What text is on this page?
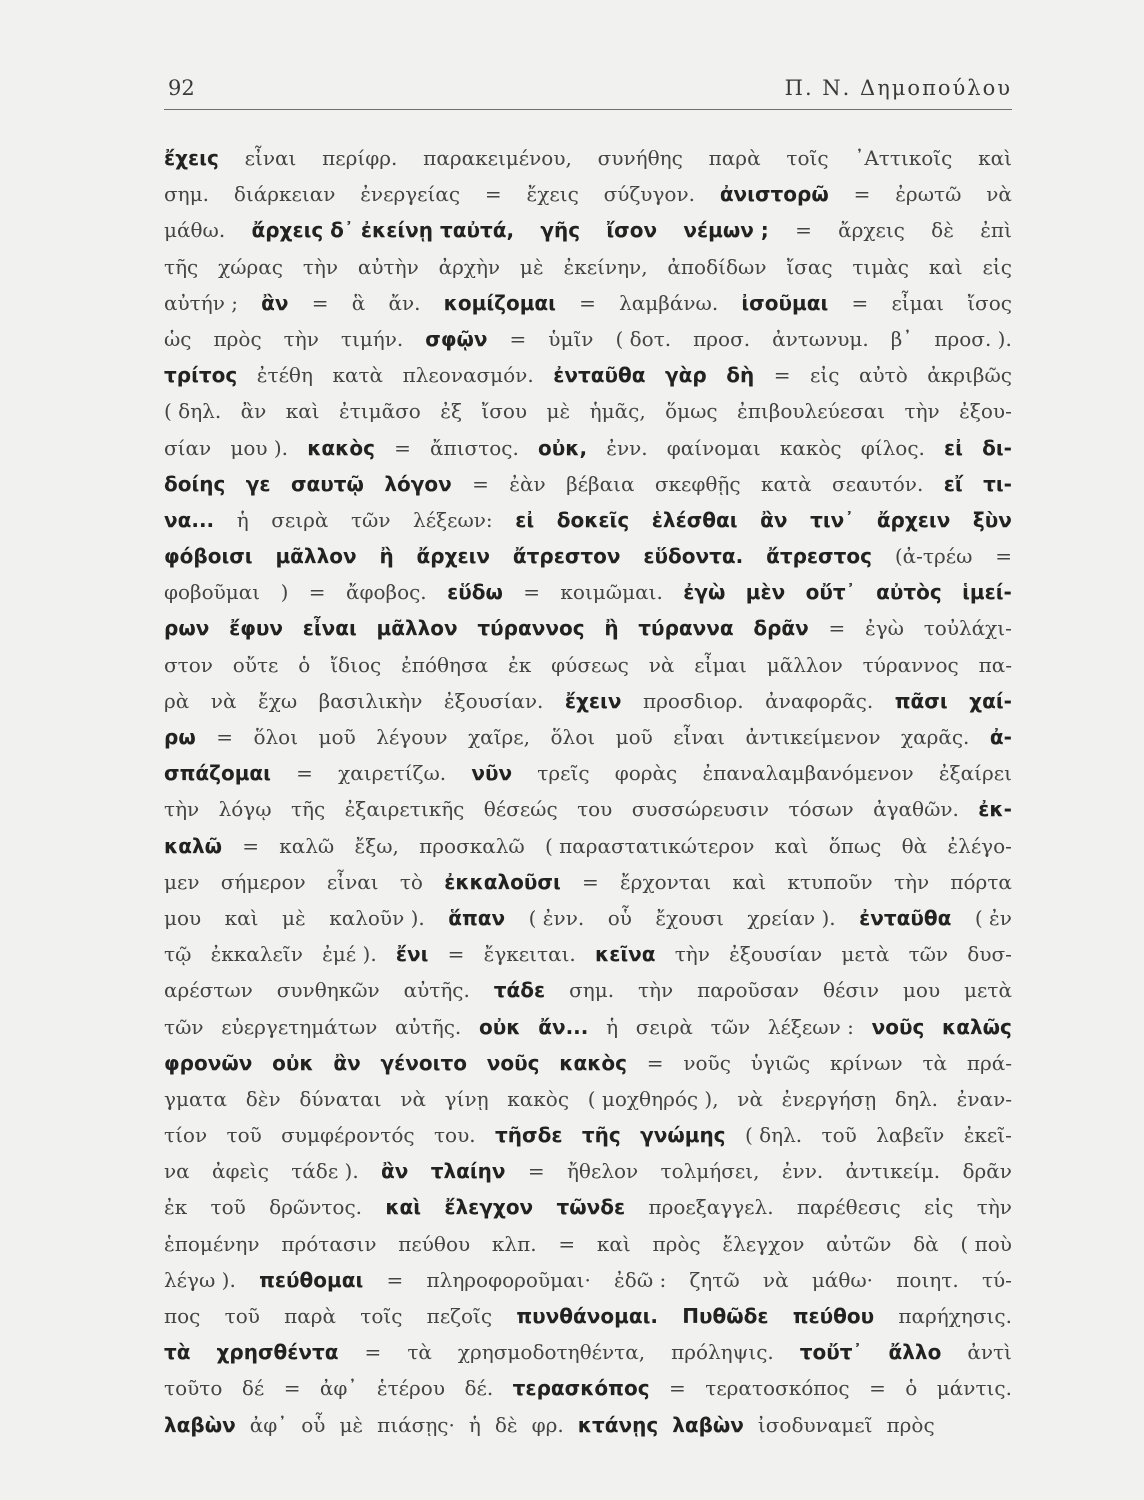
92	Π. Ν. Δημοπούλου
ἔχεις εἶναι περίφρ. παρακειμένου, συνήθης παρὰ τοῖς ᾿Αττικοῖς καὶ
σημ. διάρκειαν ἐνεργείας = ἔχεις σύζυγον. ἀνιστορῶ = ἐρωτῶ νὰ
μάθω. ἄρχεις δ᾿ ἐκείνῃ ταὐτά, γῆς ἴσον νέμων ; = ἄρχεις δὲ ἐπὶ
τῆς χώρας τὴν αὐτὴν ἀρχὴν μὲ ἐκείνην, ἀποδίδων ἴσας τιμὰς καὶ εἰς
αὐτήν ; ἂν = ἃ ἄν. κομίζομαι = λαμβάνω. ἰσοῦμαι = εἶμαι ἴσος
ὡς πρὸς τὴν τιμήν. σφῷν = ὑμῖν ( δοτ. προσ. ἀντωνυμ. β᾿ προσ. ).
τρίτος ἐτέθη κατὰ πλεονασμόν. ἐνταῦθα γὰρ δὴ = εἰς αὐτὸ ἀκριβῶς
( δηλ. ἂν καὶ ἐτιμᾶσο ἐξ ἴσου μὲ ἡμᾶς, ὅμως ἐπιβουλεύεσαι τὴν ἐξου-
σίαν μου ). κακὸς = ἄπιστος. οὐκ, ἐνν. φαίνομαι κακὸς φίλος. εἰ δι-
δοίης γε σαυτῷ λόγον = ἐὰν βέβαια σκεφθῇς κατὰ σεαυτόν. εἴ τι-
να... ἡ σειρὰ τῶν λέξεων: εἰ δοκεῖς ἑλέσθαι ἂν τιν᾿ ἄρχειν ξὺν
φόβοισι μᾶλλον ἢ ἄρχειν ἄτρεστον εὕδοντα. ἄτρεστος (ἀ-τρέω =
φοβοῦμαι ) = ἄφοβος. εὕδω = κοιμῶμαι. ἐγὼ μὲν οὔτ᾿ αὐτὸς ἱμεί-
ρων ἔφυν εἶναι μᾶλλον τύραννος ἢ τύραννα δρᾶν = ἐγὼ τοὐλάχι-
στον οὔτε ὁ ἴδιος ἐπόθησα ἐκ φύσεως νὰ εἶμαι μᾶλλον τύραννος πα-
ρὰ νὰ ἔχω βασιλικὴν ἐξουσίαν. ἔχειν προσδιορ. ἀναφορᾶς. πᾶσι χαί-
ρω = ὅλοι μοῦ λέγουν χαῖρε, ὅλοι μοῦ εἶναι ἀντικείμενον χαρᾶς. ἀ-
σπάζομαι = χαιρετίζω. νῦν τρεῖς φορὰς ἐπαναλαμβανόμενον ἐξαίρει
τὴν λόγῳ τῆς ἐξαιρετικῆς θέσεώς του συσσώρευσιν τόσων ἀγαθῶν. ἐκ-
καλῶ = καλῶ ἔξω, προσκαλῶ ( παραστατικώτερον καὶ ὅπως θὰ ἐλέγο-
μεν σήμερον εἶναι τὸ ἐκκαλοῦσι = ἔρχονται καὶ κτυποῦν τὴν πόρτα
μου καὶ μὲ καλοῦν ). ἅπαν ( ἐνν. οὗ ἔχουσι χρείαν ). ἐνταῦθα ( ἐν
τῷ ἐκκαλεῖν ἐμέ ). ἔνι = ἔγκειται. κεῖνα τὴν ἐξουσίαν μετὰ τῶν δυσ-
αρέστων συνθηκῶν αὐτῆς. τάδε σημ. τὴν παροῦσαν θέσιν μου μετὰ
τῶν εὐεργετημάτων αὐτῆς. οὐκ ἄν... ἡ σειρὰ τῶν λέξεων : νοῦς καλῶς
φρονῶν οὐκ ἂν γένοιτο νοῦς κακὸς = νοῦς ὑγιῶς κρίνων τὰ πρά-
γματα δὲν δύναται νὰ γίνῃ κακὸς ( μοχθηρός ), νὰ ἐνεργήσῃ δηλ. ἐναν-
τίον τοῦ συμφέροντός του. τῆσδε τῆς γνώμης ( δηλ. τοῦ λαβεῖν ἐκεῖ-
να ἀφεὶς τάδε ). ἂν τλαίην = ἤθελον τολμήσει, ἐνν. ἀντικείμ. δρᾶν
ἐκ τοῦ δρῶντος. καὶ ἔλεγχον τῶνδε προεξαγγελ. παρέθεσις εἰς τὴν
ἑπομένην πρότασιν πεύθου κλπ. = καὶ πρὸς ἔλεγχον αὐτῶν δὰ ( ποὺ
λέγω ). πεύθομαι = πληροφοροῦμαι· ἐδῶ : ζητῶ νὰ μάθω· ποιητ. τύ-
πος τοῦ παρὰ τοῖς πεζοῖς πυνθάνομαι. Πυθῶδε πεύθου παρήχησις.
τὰ χρησθέντα = τὰ χρησμοδοτηθέντα, πρόληψις. τοὔτ᾿ ἄλλο ἀντὶ
τοῦτο δέ = ἀφ᾿ ἑτέρου δέ. τερασκόπος = τερατοσκόπος = ὁ μάντις.
λαβὼν ἀφ᾿ οὗ μὲ πιάσῃς· ἡ δὲ φρ. κτάνῃς λαβὼν ἰσοδυναμεῖ πρὸς
